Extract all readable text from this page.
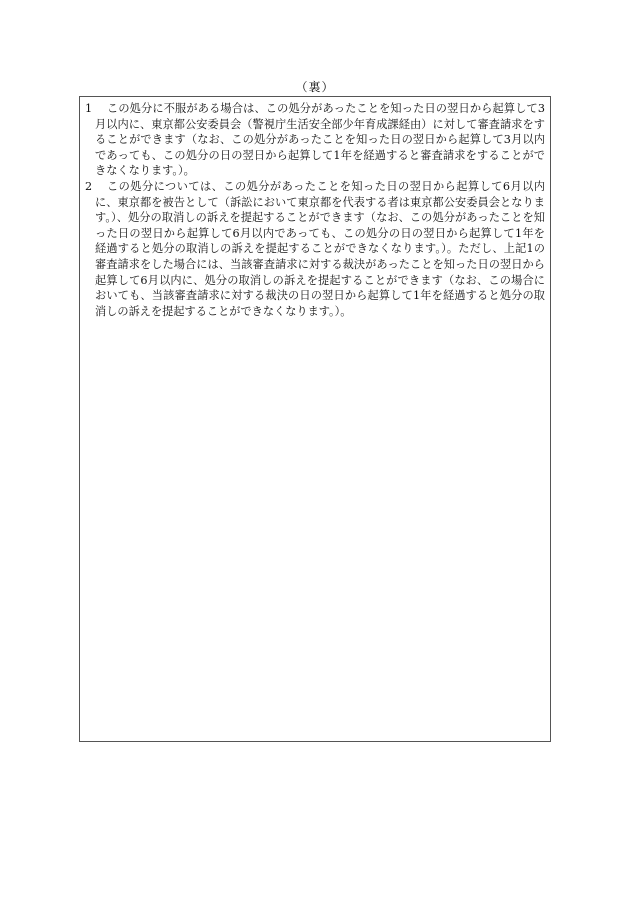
（裏）

1	この処分に不服がある場合は、この処分があったことを知った日の翌日から起算して3月以内に、東京都公安委員会（警視庁生活安全部少年育成課経由）に対して審査請求をすることができます（なお、この処分があったことを知った日の翌日から起算して3月以内であっても、この処分の日の翌日から起算して1年を経過すると審査請求をすることができなくなります。）。

2	この処分については、この処分があったことを知った日の翌日から起算して6月以内に、東京都を被告として（訴訟において東京都を代表する者は東京都公安委員会となります。）、処分の取消しの訴えを提起することができます（なお、この処分があったことを知った日の翌日から起算して6月以内であっても、この処分の日の翌日から起算して1年を経過すると処分の取消しの訴えを提起することができなくなります。）。ただし、上記1の審査請求をした場合には、当該審査請求に対する裁決があったことを知った日の翌日から起算して6月以内に、処分の取消しの訴えを提起することができます（なお、この場合においても、当該審査請求に対する裁決の日の翌日から起算して1年を経過すると処分の取消しの訴えを提起することができなくなります。）。
